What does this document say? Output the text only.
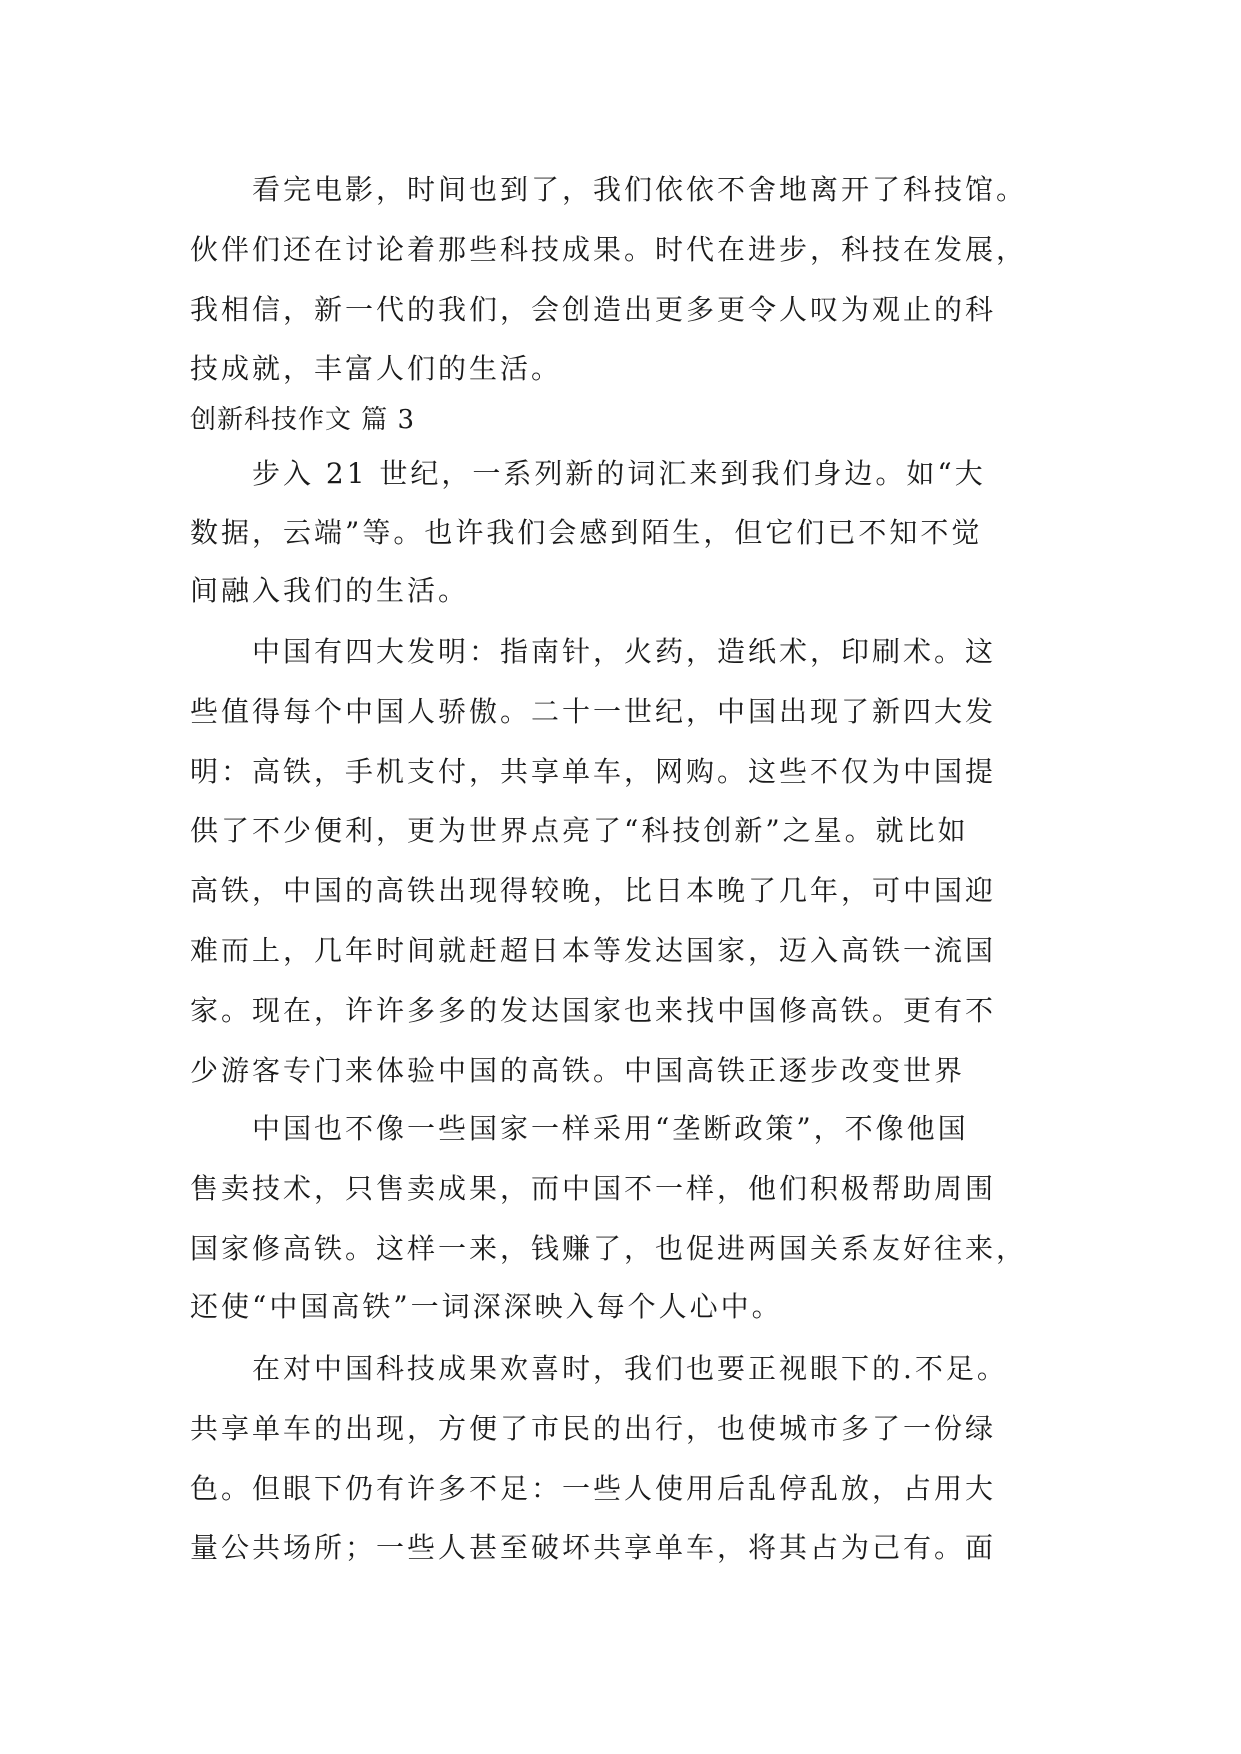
看完电影，时间也到了，我们依依不舍地离开了科技馆。
伙伴们还在讨论着那些科技成果。时代在进步，科技在发展，
我相信，新一代的我们，会创造出更多更令人叹为观止的科
技成就，丰富人们的生活。
创新科技作文 篇 3
步入 21 世纪，一系列新的词汇来到我们身边。如“大
数据，云端”等。也许我们会感到陌生，但它们已不知不觉
间融入我们的生活。
中国有四大发明：指南针，火药，造纸术，印刷术。这
些值得每个中国人骄傲。二十一世纪，中国出现了新四大发
明：高铁，手机支付，共享单车，网购。这些不仅为中国提
供了不少便利，更为世界点亮了“科技创新”之星。就比如
高铁，中国的高铁出现得较晚，比日本晚了几年，可中国迎
难而上，几年时间就赶超日本等发达国家，迈入高铁一流国
家。现在，许许多多的发达国家也来找中国修高铁。更有不
少游客专门来体验中国的高铁。中国高铁正逐步改变世界
中国也不像一些国家一样采用“垄断政策”，不像他国
售卖技术，只售卖成果，而中国不一样，他们积极帮助周围
国家修高铁。这样一来，钱赚了，也促进两国关系友好往来，
还使“中国高铁”一词深深映入每个人心中。
在对中国科技成果欢喜时，我们也要正视眼下的.不足。
共享单车的出现，方便了市民的出行，也使城市多了一份绿
色。但眼下仍有许多不足：一些人使用后乱停乱放，占用大
量公共场所；一些人甚至破坏共享单车，将其占为己有。面
